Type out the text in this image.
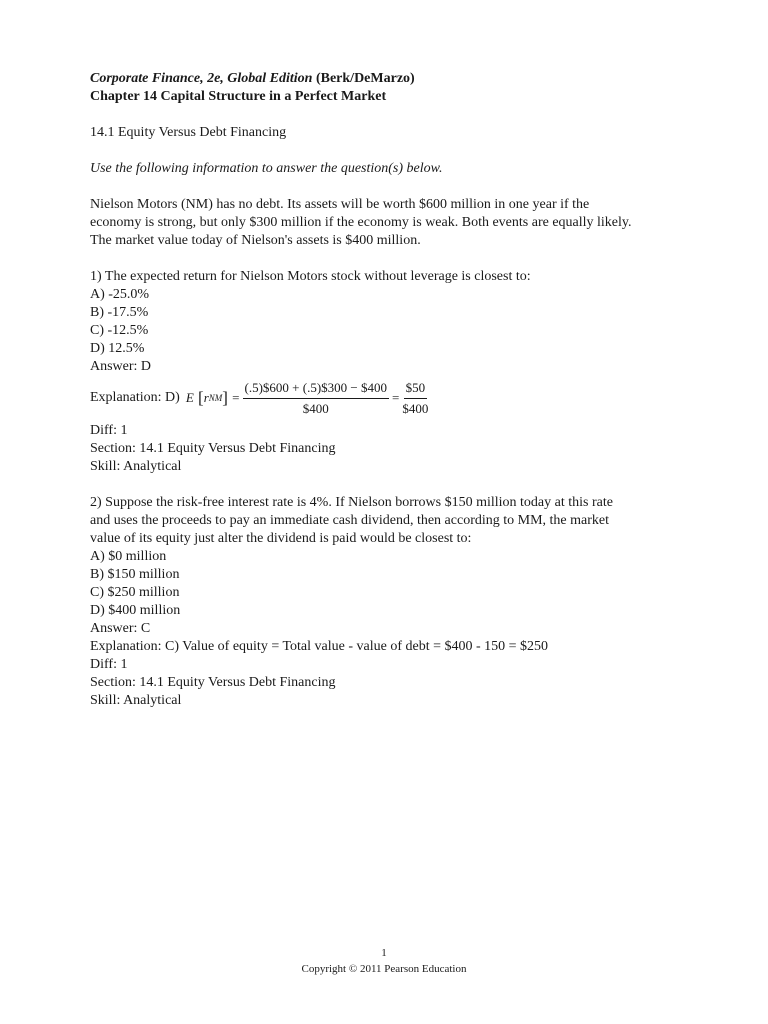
Corporate Finance, 2e, Global Edition (Berk/DeMarzo)
Chapter 14 Capital Structure in a Perfect Market
14.1 Equity Versus Debt Financing
Use the following information to answer the question(s) below.
Nielson Motors (NM) has no debt. Its assets will be worth $600 million in one year if the
economy is strong, but only $300 million if the economy is weak. Both events are equally likely.
The market value today of Nielson's assets is $400 million.
1) The expected return for Nielson Motors stock without leverage is closest to:
A) -25.0%
B) -17.5%
C) -12.5%
D) 12.5%
Answer: D
Explanation: D) E [ r NM ] = $\frac{(.5)\$600 + (.5)\$300 - \$400}{\$400} = \frac{\$50}{\$400}$
Diff: 1
Section: 14.1 Equity Versus Debt Financing
Skill: Analytical
2) Suppose the risk-free interest rate is 4%. If Nielson borrows $150 million today at this rate
and uses the proceeds to pay an immediate cash dividend, then according to MM, the market
value of its equity just alter the dividend is paid would be closest to:
A) $0 million
B) $150 million
C) $250 million
D) $400 million
Answer: C
Explanation: C) Value of equity = Total value - value of debt = $400 - 150 = $250
Diff: 1
Section: 14.1 Equity Versus Debt Financing
Skill: Analytical
1
Copyright © 2011 Pearson Education
